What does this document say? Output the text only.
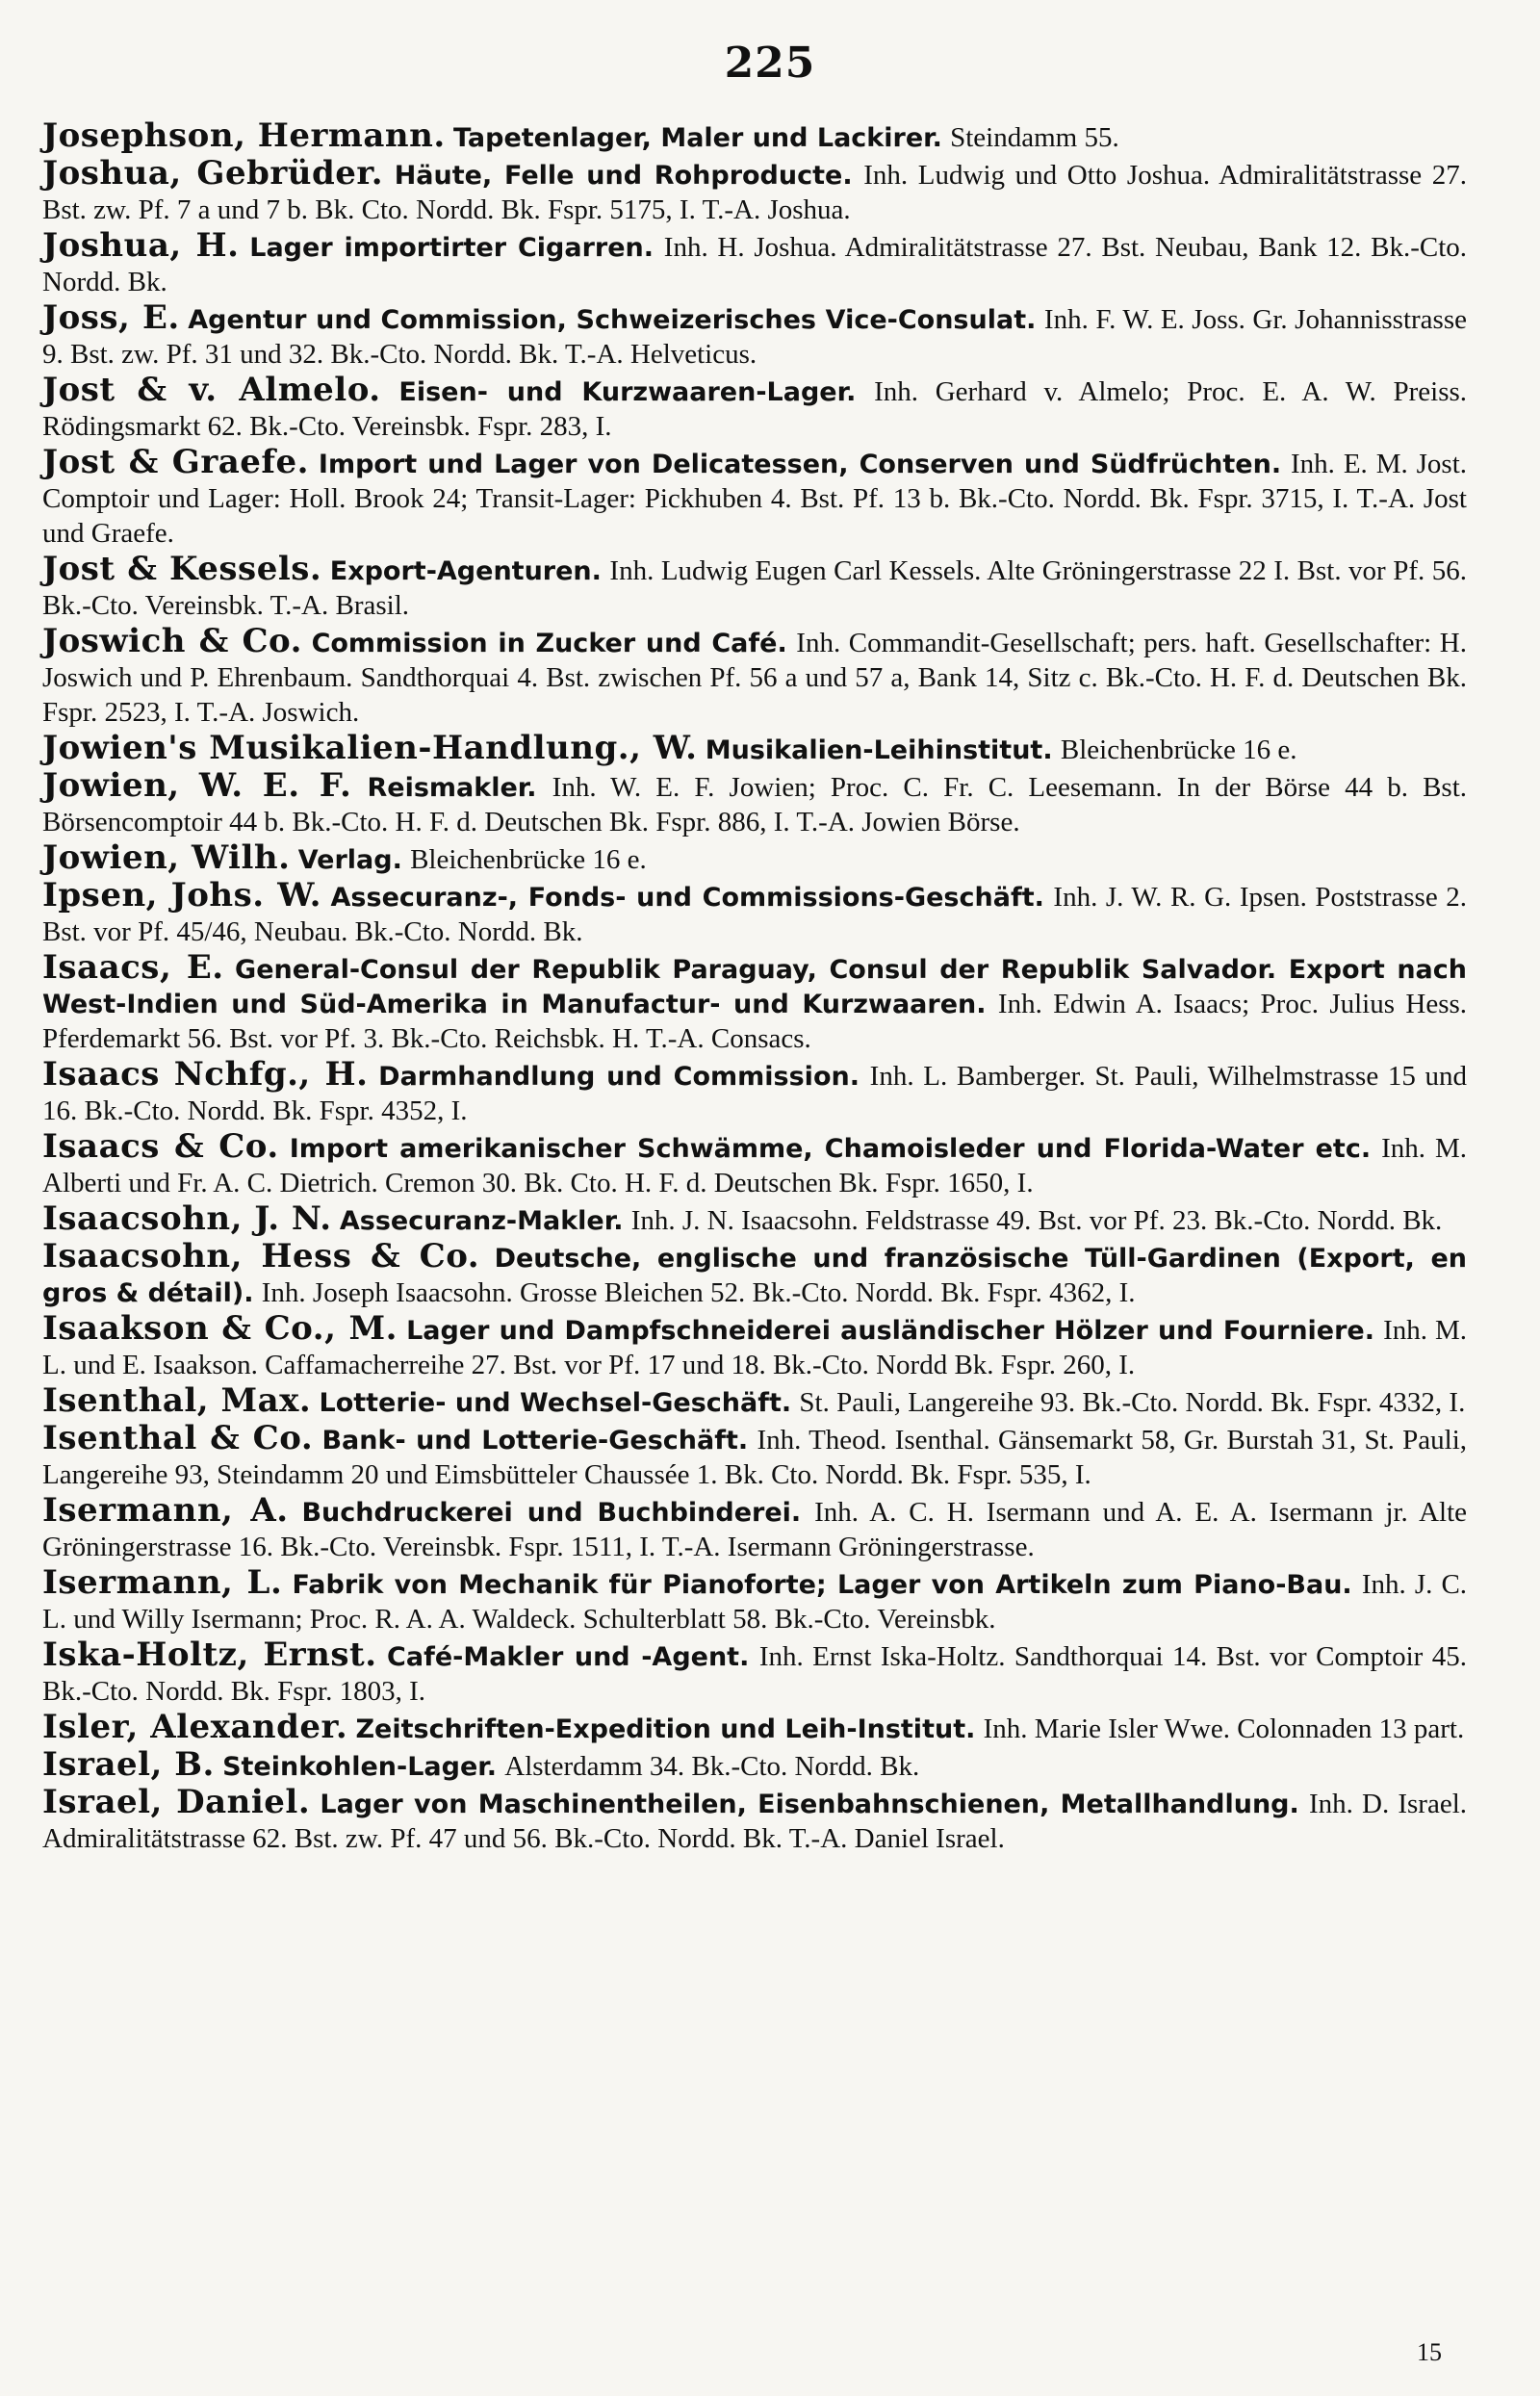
225
Josephson, Hermann. Tapetenlager, Maler und Lackirer. Steindamm 55.
Joshua, Gebrüder. Häute, Felle und Rohproducte. Inh. Ludwig und Otto Joshua. Admiralitätstrasse 27. Bst. zw. Pf. 7 a und 7 b. Bk. Cto. Nordd. Bk. Fspr. 5175, I. T.-A. Joshua.
Joshua, H. Lager importirter Cigarren. Inh. H. Joshua. Admiralitätstrasse 27. Bst. Neubau, Bank 12. Bk.-Cto. Nordd. Bk.
Joss, E. Agentur und Commission, Schweizerisches Vice-Consulat. Inh. F. W. E. Joss. Gr. Johannisstrasse 9. Bst. zw. Pf. 31 und 32. Bk.-Cto. Nordd. Bk. T.-A. Helveticus.
Jost & v. Almelo. Eisen- und Kurzwaaren-Lager. Inh. Gerhard v. Almelo; Proc. E. A. W. Preiss. Rödingsmarkt 62. Bk.-Cto. Vereinsbk. Fspr. 283, I.
Jost & Graefe. Import und Lager von Delicatessen, Conserven und Südfrüchten. Inh. E. M. Jost. Comptoir und Lager: Holl. Brook 24; Transit-Lager: Pickhuben 4. Bst. Pf. 13 b. Bk.-Cto. Nordd. Bk. Fspr. 3715, I. T.-A. Jost und Graefe.
Jost & Kessels. Export-Agenturen. Inh. Ludwig Eugen Carl Kessels. Alte Gröningerstrasse 22 I. Bst. vor Pf. 56. Bk.-Cto. Vereinsbk. T.-A. Brasil.
Joswich & Co. Commission in Zucker und Café. Inh. Commandit-Gesellschaft; pers. haft. Gesellschafter: H. Joswich und P. Ehrenbaum. Sandthorquai 4. Bst. zwischen Pf. 56 a und 57 a, Bank 14, Sitz c. Bk.-Cto. H. F. d. Deutschen Bk. Fspr. 2523, I. T.-A. Joswich.
Jowien's Musikalien-Handlung., W. Musikalien-Leihinstitut. Bleichenbrücke 16 e.
Jowien, W. E. F. Reismakler. Inh. W. E. F. Jowien; Proc. C. Fr. C. Leesemann. In der Börse 44 b. Bst. Börsencomptoir 44 b. Bk.-Cto. H. F. d. Deutschen Bk. Fspr. 886, I. T.-A. Jowien Börse.
Jowien, Wilh. Verlag. Bleichenbrücke 16 e.
Ipsen, Johs. W. Assecuranz-, Fonds- und Commissions-Geschäft. Inh. J. W. R. G. Ipsen. Poststrasse 2. Bst. vor Pf. 45/46, Neubau. Bk.-Cto. Nordd. Bk.
Isaacs, E. General-Consul der Republik Paraguay, Consul der Republik Salvador. Export nach West-Indien und Süd-Amerika in Manufactur- und Kurzwaaren. Inh. Edwin A. Isaacs; Proc. Julius Hess. Pferdemarkt 56. Bst. vor Pf. 3. Bk.-Cto. Reichsbk. H. T.-A. Consacs.
Isaacs Nchfg., H. Darmhandlung und Commission. Inh. L. Bamberger. St. Pauli, Wilhelmstrasse 15 und 16. Bk.-Cto. Nordd. Bk. Fspr. 4352, I.
Isaacs & Co. Import amerikanischer Schwämme, Chamoisleder und Florida-Water etc. Inh. M. Alberti und Fr. A. C. Dietrich. Cremon 30. Bk. Cto. H. F. d. Deutschen Bk. Fspr. 1650, I.
Isaacsohn, J. N. Assecuranz-Makler. Inh. J. N. Isaacsohn. Feldstrasse 49. Bst. vor Pf. 23. Bk.-Cto. Nordd. Bk.
Isaacsohn, Hess & Co. Deutsche, englische und französische Tüll-Gardinen (Export, en gros & détail). Inh. Joseph Isaacsohn. Grosse Bleichen 52. Bk.-Cto. Nordd. Bk. Fspr. 4362, I.
Isaakson & Co., M. Lager und Dampfschneiderei ausländischer Hölzer und Fourniere. Inh. M. L. und E. Isaakson. Caffamacherreihe 27. Bst. vor Pf. 17 und 18. Bk.-Cto. Nordd Bk. Fspr. 260, I.
Isenthal, Max. Lotterie- und Wechsel-Geschäft. St. Pauli, Langereihe 93. Bk.-Cto. Nordd. Bk. Fspr. 4332, I.
Isenthal & Co. Bank- und Lotterie-Geschäft. Inh. Theod. Isenthal. Gänsemarkt 58, Gr. Burstah 31, St. Pauli, Langereihe 93, Steindamm 20 und Eimsbütteler Chaussée 1. Bk. Cto. Nordd. Bk. Fspr. 535, I.
Isermann, A. Buchdruckerei und Buchbinderei. Inh. A. C. H. Isermann und A. E. A. Isermann jr. Alte Gröningerstrasse 16. Bk.-Cto. Vereinsbk. Fspr. 1511, I. T.-A. Isermann Gröningerstrasse.
Isermann, L. Fabrik von Mechanik für Pianoforte; Lager von Artikeln zum Piano-Bau. Inh. J. C. L. und Willy Isermann; Proc. R. A. A. Waldeck. Schulterblatt 58. Bk.-Cto. Vereinsbk.
Iska-Holtz, Ernst. Café-Makler und -Agent. Inh. Ernst Iska-Holtz. Sandthorquai 14. Bst. vor Comptoir 45. Bk.-Cto. Nordd. Bk. Fspr. 1803, I.
Isler, Alexander. Zeitschriften-Expedition und Leih-Institut. Inh. Marie Isler Wwe. Colonnaden 13 part.
Israel, B. Steinkohlen-Lager. Alsterdamm 34. Bk.-Cto. Nordd. Bk.
Israel, Daniel. Lager von Maschinentheilen, Eisenbahnschienen, Metallhandlung. Inh. D. Israel. Admiralitätstrasse 62. Bst. zw. Pf. 47 und 56. Bk.-Cto. Nordd. Bk. T.-A. Daniel Israel.
15
